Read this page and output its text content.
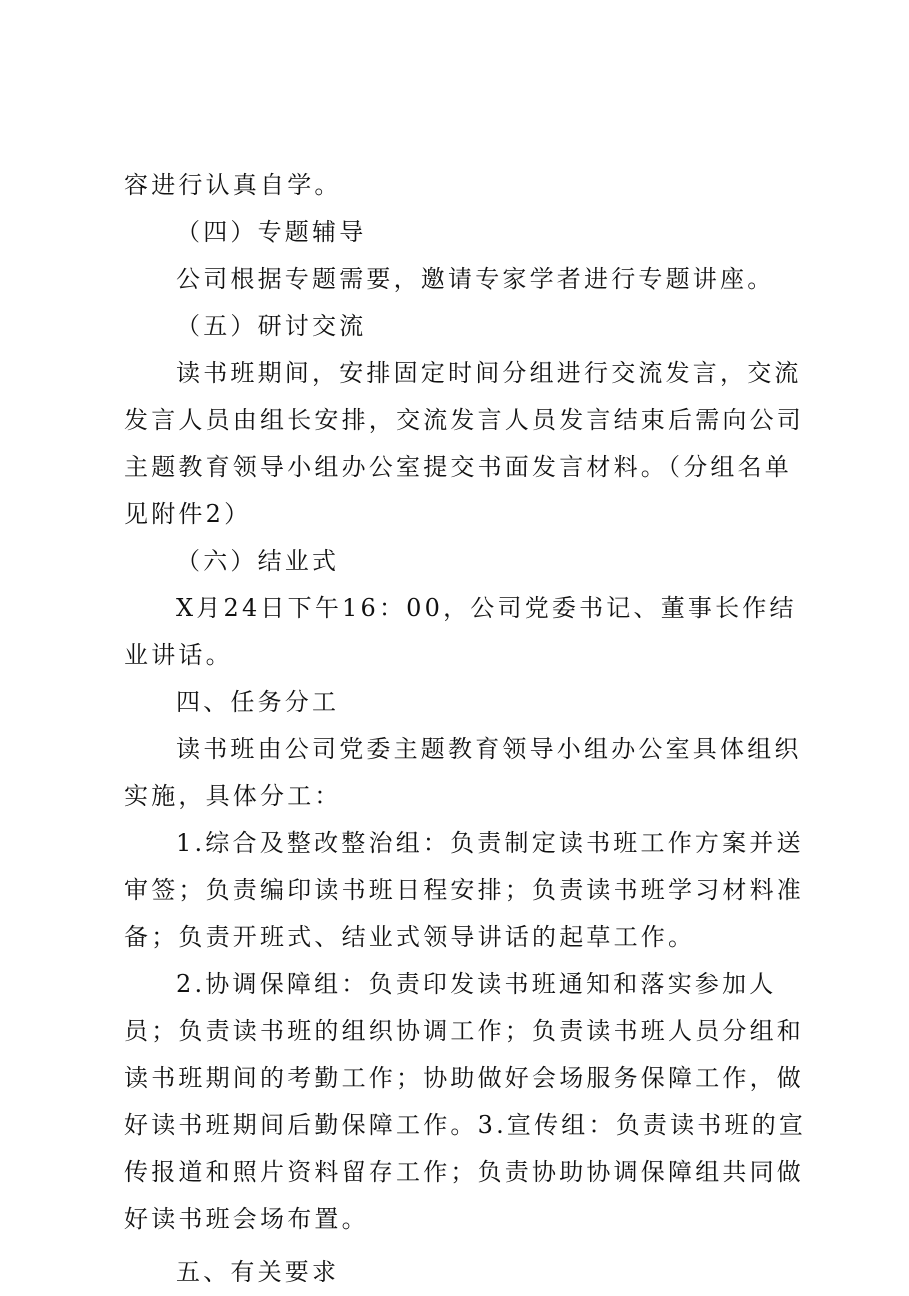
容进行认真自学。

（四）专题辅导

公司根据专题需要，邀请专家学者进行专题讲座。

（五）研讨交流

读书班期间，安排固定时间分组进行交流发言，交流发言人员由组长安排，交流发言人员发言结束后需向公司主题教育领导小组办公室提交书面发言材料。（分组名单见附件2）

（六）结业式

X月24日下午16：00，公司党委书记、董事长作结业讲话。

四、任务分工

读书班由公司党委主题教育领导小组办公室具体组织实施，具体分工：

1.综合及整改整治组：负责制定读书班工作方案并送审签；负责编印读书班日程安排；负责读书班学习材料准备；负责开班式、结业式领导讲话的起草工作。

2.协调保障组：负责印发读书班通知和落实参加人员；负责读书班的组织协调工作；负责读书班人员分组和读书班期间的考勤工作；协助做好会场服务保障工作，做好读书班期间后勤保障工作。3.宣传组：负责读书班的宣传报道和照片资料留存工作；负责协助协调保障组共同做好读书班会场布置。

五、有关要求
